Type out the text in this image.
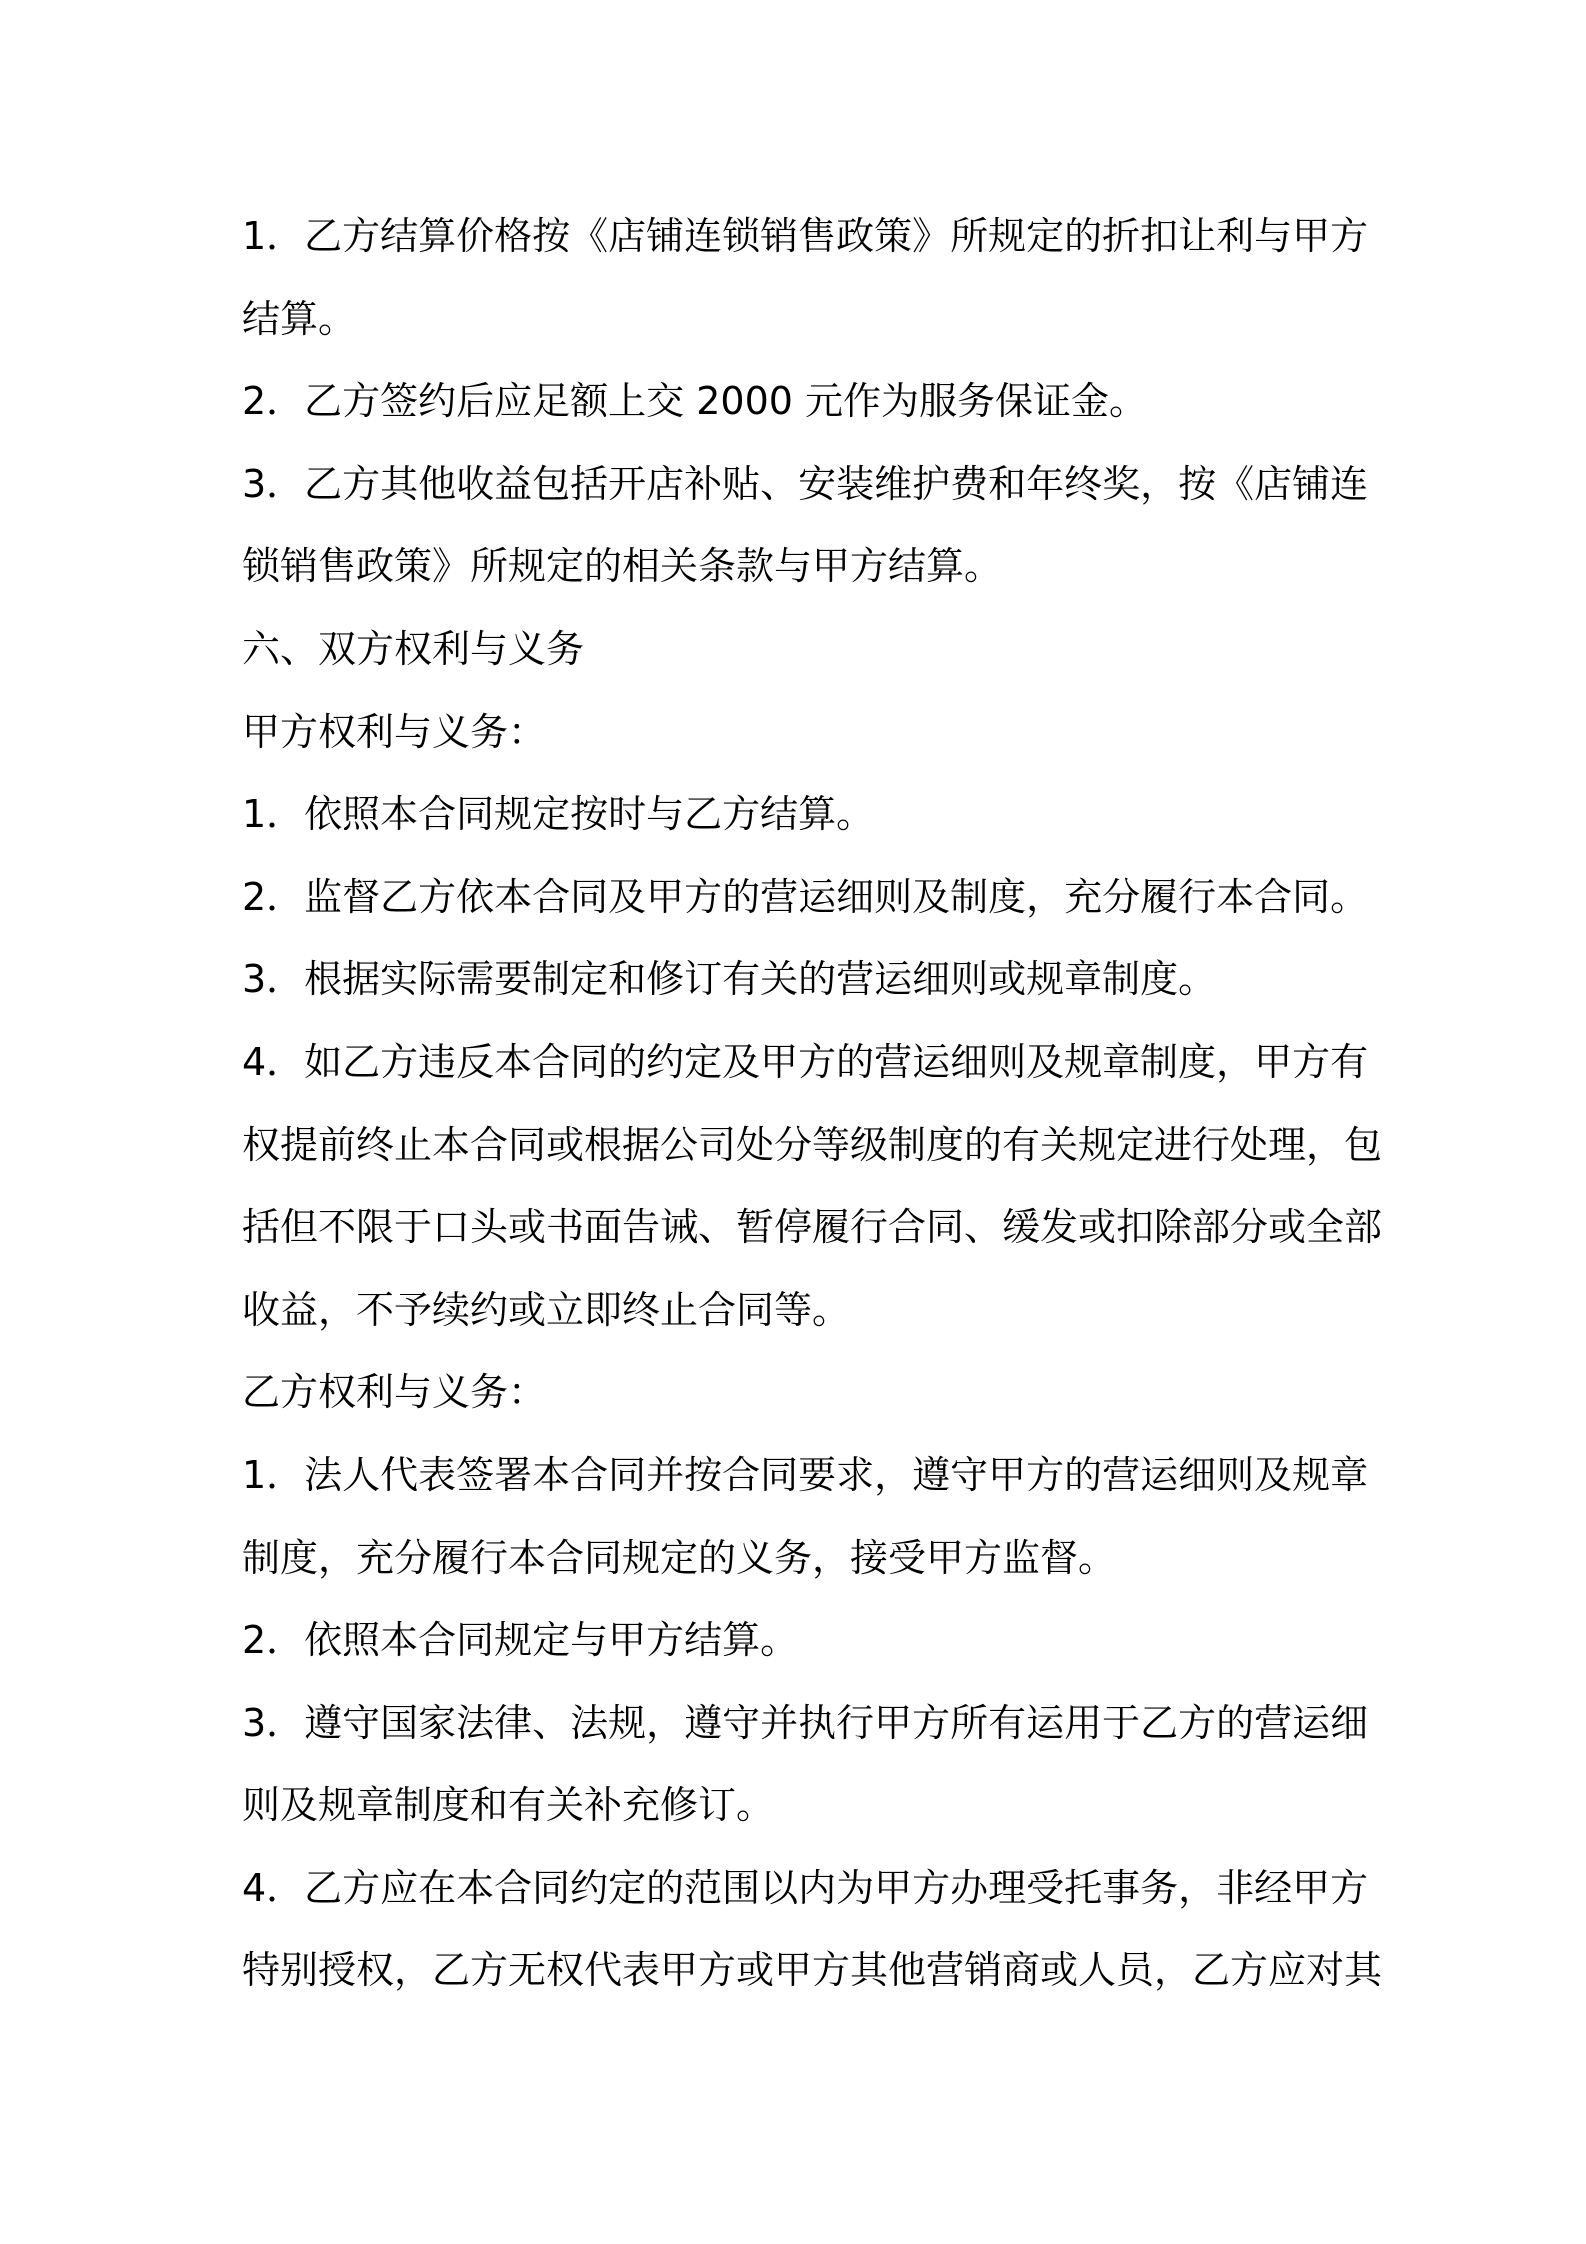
1．乙方结算价格按《店铺连锁销售政策》所规定的折扣让利与甲方
结算。
2．乙方签约后应足额上交 2000 元作为服务保证金。
3．乙方其他收益包括开店补贴、安装维护费和年终奖，按《店铺连
锁销售政策》所规定的相关条款与甲方结算。
六、双方权利与义务
甲方权利与义务：
1．依照本合同规定按时与乙方结算。
2．监督乙方依本合同及甲方的营运细则及制度，充分履行本合同。
3．根据实际需要制定和修订有关的营运细则或规章制度。
4．如乙方违反本合同的约定及甲方的营运细则及规章制度，甲方有
权提前终止本合同或根据公司处分等级制度的有关规定进行处理，包
括但不限于口头或书面告诫、暂停履行合同、缓发或扣除部分或全部
收益，不予续约或立即终止合同等。
乙方权利与义务：
1．法人代表签署本合同并按合同要求，遵守甲方的营运细则及规章
制度，充分履行本合同规定的义务，接受甲方监督。
2．依照本合同规定与甲方结算。
3．遵守国家法律、法规，遵守并执行甲方所有运用于乙方的营运细
则及规章制度和有关补充修订。
4．乙方应在本合同约定的范围以内为甲方办理受托事务，非经甲方
特别授权，乙方无权代表甲方或甲方其他营销商或人员，乙方应对其
